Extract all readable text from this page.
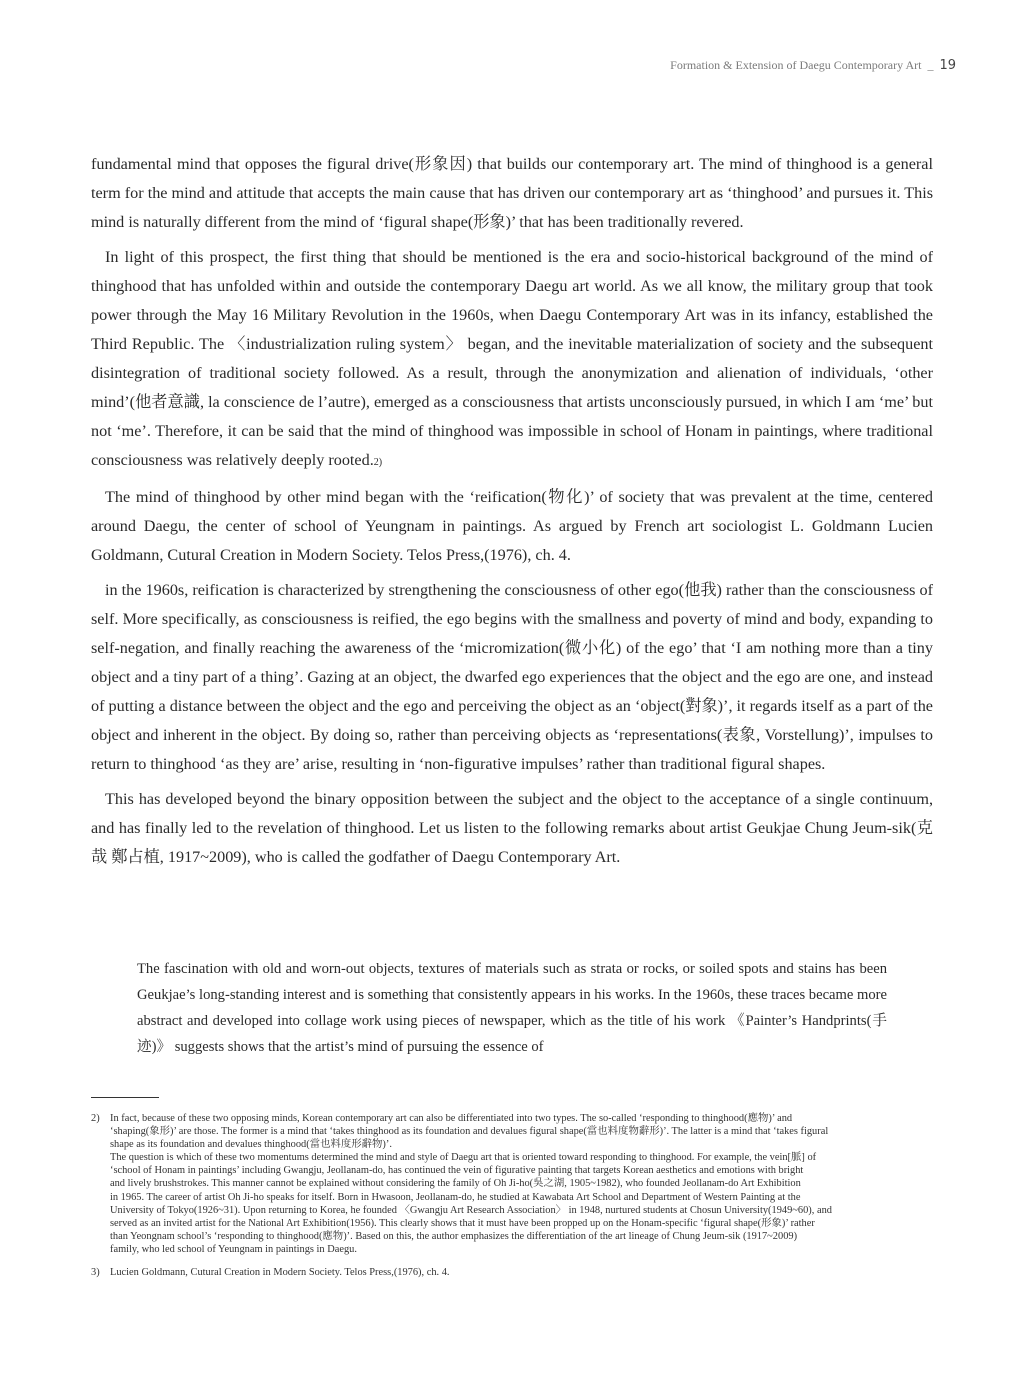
Formation & Extension of Daegu Contemporary Art _ 19

fundamental mind that opposes the figural drive(形象因) that builds our contemporary art. The mind of thinghood is a general term for the mind and attitude that accepts the main cause that has driven our contemporary art as ‘thinghood’ and pursues it. This mind is naturally different from the mind of ‘figural shape(形象)’ that has been traditionally revered.

In light of this prospect, the first thing that should be mentioned is the era and socio-historical background of the mind of thinghood that has unfolded within and outside the contemporary Daegu art world. As we all know, the military group that took power through the May 16 Military Revolution in the 1960s, when Daegu Contemporary Art was in its infancy, established the Third Republic. The 〈industrialization ruling system〉 began, and the inevitable materialization of society and the subsequent disintegration of traditional society followed. As a result, through the anonymization and alienation of individuals, ‘other mind’(他者意識, la conscience de l’autre), emerged as a consciousness that artists unconsciously pursued, in which I am ‘me’ but not ‘me’. Therefore, it can be said that the mind of thinghood was impossible in school of Honam in paintings, where traditional consciousness was relatively deeply rooted.2)

The mind of thinghood by other mind began with the ‘reification(物化)’ of society that was prevalent at the time, centered around Daegu, the center of school of Yeungnam in paintings. As argued by French art sociologist L. Goldmann Lucien Goldmann, Cutural Creation in Modern Society. Telos Press,(1976), ch. 4.

in the 1960s, reification is characterized by strengthening the consciousness of other ego(他我) rather than the consciousness of self. More specifically, as consciousness is reified, the ego begins with the smallness and poverty of mind and body, expanding to self-negation, and finally reaching the awareness of the ‘micromization(微小化) of the ego’ that ‘I am nothing more than a tiny object and a tiny part of a thing’. Gazing at an object, the dwarfed ego experiences that the object and the ego are one, and instead of putting a distance between the object and the ego and perceiving the object as an ‘object(對象)’, it regards itself as a part of the object and inherent in the object. By doing so, rather than perceiving objects as ‘representations(表象, Vorstellung)’, impulses to return to thinghood ‘as they are’ arise, resulting in ‘non-figurative impulses’ rather than traditional figural shapes.

This has developed beyond the binary opposition between the subject and the object to the acceptance of a single continuum, and has finally led to the revelation of thinghood. Let us listen to the following remarks about artist Geukjae Chung Jeum-sik(克哉 鄭占植, 1917~2009), who is called the godfather of Daegu Contemporary Art.

The fascination with old and worn-out objects, textures of materials such as strata or rocks, or soiled spots and stains has been Geukjae’s long-standing interest and is something that consistently appears in his works. In the 1960s, these traces became more abstract and developed into collage work using pieces of newspaper, which as the title of his work 《Painter’s Handprints(手迹)》 suggests shows that the artist’s mind of pursuing the essence of

2) In fact, because of these two opposing minds, Korean contemporary art can also be differentiated into two types. The so-called ‘responding to thinghood(應物)’ and
‘shaping(象形)’ are those. The former is a mind that ‘takes thinghood as its foundation and devalues figural shape(當也料度物辭形)’. The latter is a mind that ‘takes figural
shape as its foundation and devalues thinghood(當也料度形辭物)’.
The question is which of these two momentums determined the mind and style of Daegu art that is oriented toward responding to thinghood. For example, the vein[脈] of
‘school of Honam in paintings’ including Gwangju, Jeollanam-do, has continued the vein of figurative painting that targets Korean aesthetics and emotions with bright
and lively brushstrokes. This manner cannot be explained without considering the family of Oh Ji-ho(吳之湖, 1905~1982), who founded Jeollanam-do Art Exhibition
in 1965. The career of artist Oh Ji-ho speaks for itself. Born in Hwasoon, Jeollanam-do, he studied at Kawabata Art School and Department of Western Painting at the
University of Tokyo(1926~31). Upon returning to Korea, he founded 〈Gwangju Art Research Association〉 in 1948, nurtured students at Chosun University(1949~60), and
served as an invited artist for the National Art Exhibition(1956). This clearly shows that it must have been propped up on the Honam-specific ‘figural shape(形象)’ rather
than Yeongnam school’s ‘responding to thinghood(應物)’. Based on this, the author emphasizes the differentiation of the art lineage of Chung Jeum-sik (1917~2009)
family, who led school of Yeungnam in paintings in Daegu.
3) Lucien Goldmann, Cutural Creation in Modern Society. Telos Press,(1976), ch. 4.
